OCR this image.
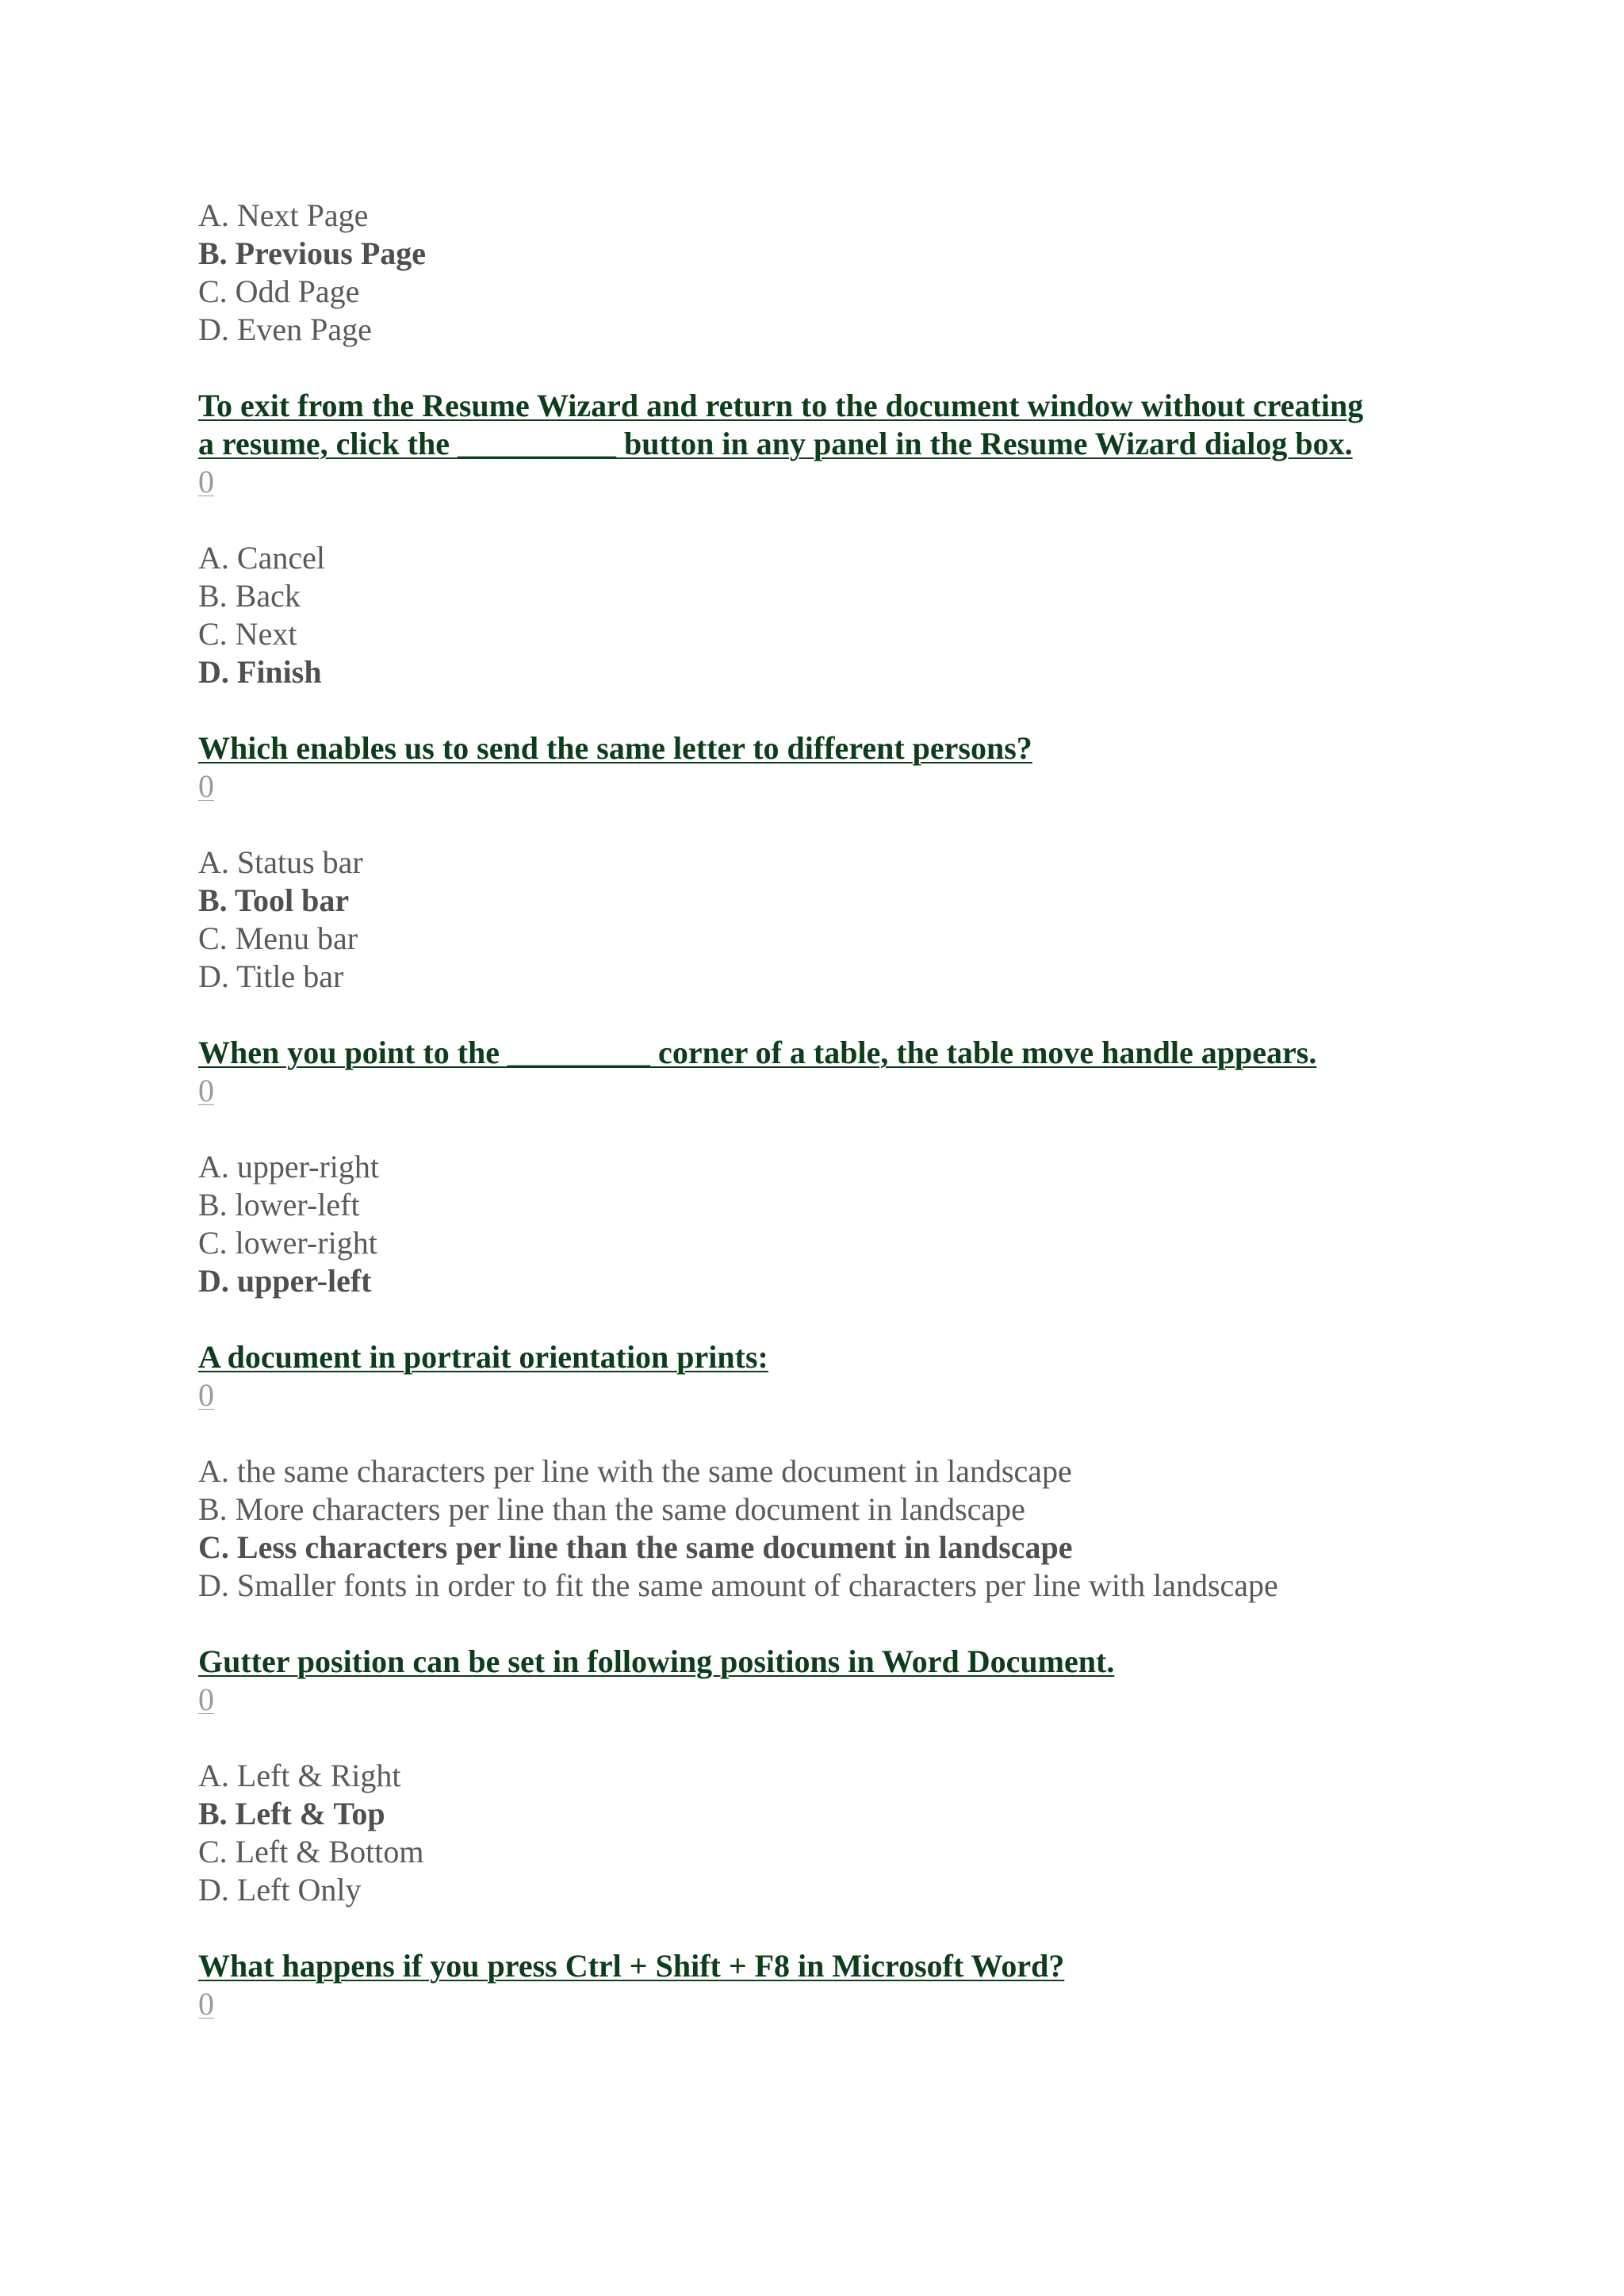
A. Next Page
B. Previous Page
C. Odd Page
D. Even Page
To exit from the Resume Wizard and return to the document window without creating
a resume, click the __________ button in any panel in the Resume Wizard dialog box.
0
A. Cancel
B. Back
C. Next
D. Finish
Which enables us to send the same letter to different persons?
0
A. Status bar
B. Tool bar
C. Menu bar
D. Title bar
When you point to the _________ corner of a table, the table move handle appears.
0
A. upper-right
B. lower-left
C. lower-right
D. upper-left
A document in portrait orientation prints:
0
A. the same characters per line with the same document in landscape
B. More characters per line than the same document in landscape
C. Less characters per line than the same document in landscape
D. Smaller fonts in order to fit the same amount of characters per line with landscape
Gutter position can be set in following positions in Word Document.
0
A. Left & Right
B. Left & Top
C. Left & Bottom
D. Left Only
What happens if you press Ctrl + Shift + F8 in Microsoft Word?
0
